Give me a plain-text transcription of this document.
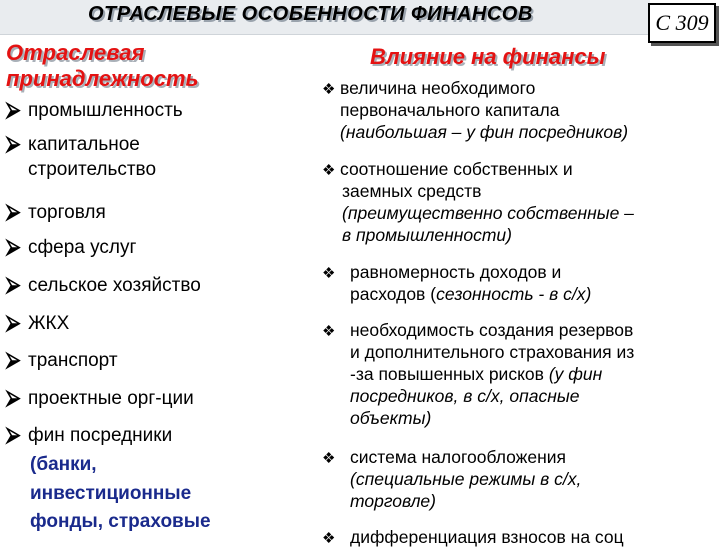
ОТРАСЛЕВЫЕ ОСОБЕННОСТИ ФИНАНСОВ	С 309
Отраслевая
принадлежность
⮚ промышленность
⮚ капитальное
строительство
⮚ торговля
⮚ сфера услуг
⮚ сельское хозяйство
⮚ ЖКХ
⮚ транспорт
⮚ проектные орг-ции
⮚ фин посредники
(банки,
инвестиционные
фонды, страховые
Влияние на финансы
❖ величина необходимого
первоначального капитала
(наибольшая – у фин посредников)
❖ соотношение собственных и
заемных средств
(преимущественно собственные –
в промышленности)
❖ равномерность доходов и
расходов (сезонность - в с/х)
❖ необходимость создания резервов
и дополнительного страхования из
-за повышенных рисков (у фин
посредников, в с/х, опасные
объекты)
❖ система налогообложения
(специальные режимы в с/х,
торговле)
❖ дифференциация взносов на соц
